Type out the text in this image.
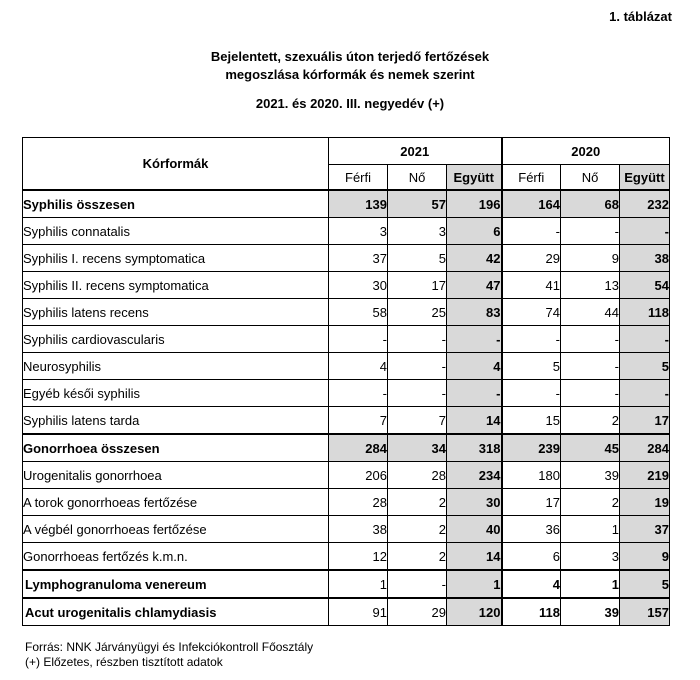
1. táblázat
Bejelentett, szexuális úton terjedő fertőzések
megoszlása kórformák és nemek szerint
2021. és 2020. III. negyedév (+)
Kórformák	2021			2020		
	Férfi	Nő	Együtt	Férfi	Nő	Együtt
Syphilis összesen	139	57	196	164	68	232
Syphilis connatalis	3	3	6	-	-	-
Syphilis I. recens symptomatica	37	5	42	29	9	38
Syphilis II. recens symptomatica	30	17	47	41	13	54
Syphilis latens recens	58	25	83	74	44	118
Syphilis cardiovascularis	-	-	-	-	-	-
Neurosyphilis	4	-	4	5	-	5
Egyéb késői syphilis	-	-	-	-	-	-
Syphilis latens tarda	7	7	14	15	2	17
Gonorrhoea összesen	284	34	318	239	45	284
Urogenitalis gonorrhoea	206	28	234	180	39	219
A torok gonorrhoeas fertőzése	28	2	30	17	2	19
A végbél gonorrhoeas fertőzése	38	2	40	36	1	37
Gonorrhoeas fertőzés k.m.n.	12	2	14	6	3	9
Lymphogranuloma venereum	1	-	1	4	1	5
Acut urogenitalis chlamydiasis	91	29	120	118	39	157
Forrás: NNK Járványügyi és Infekciókontroll Főosztály
(+) Előzetes, részben tisztított adatok
